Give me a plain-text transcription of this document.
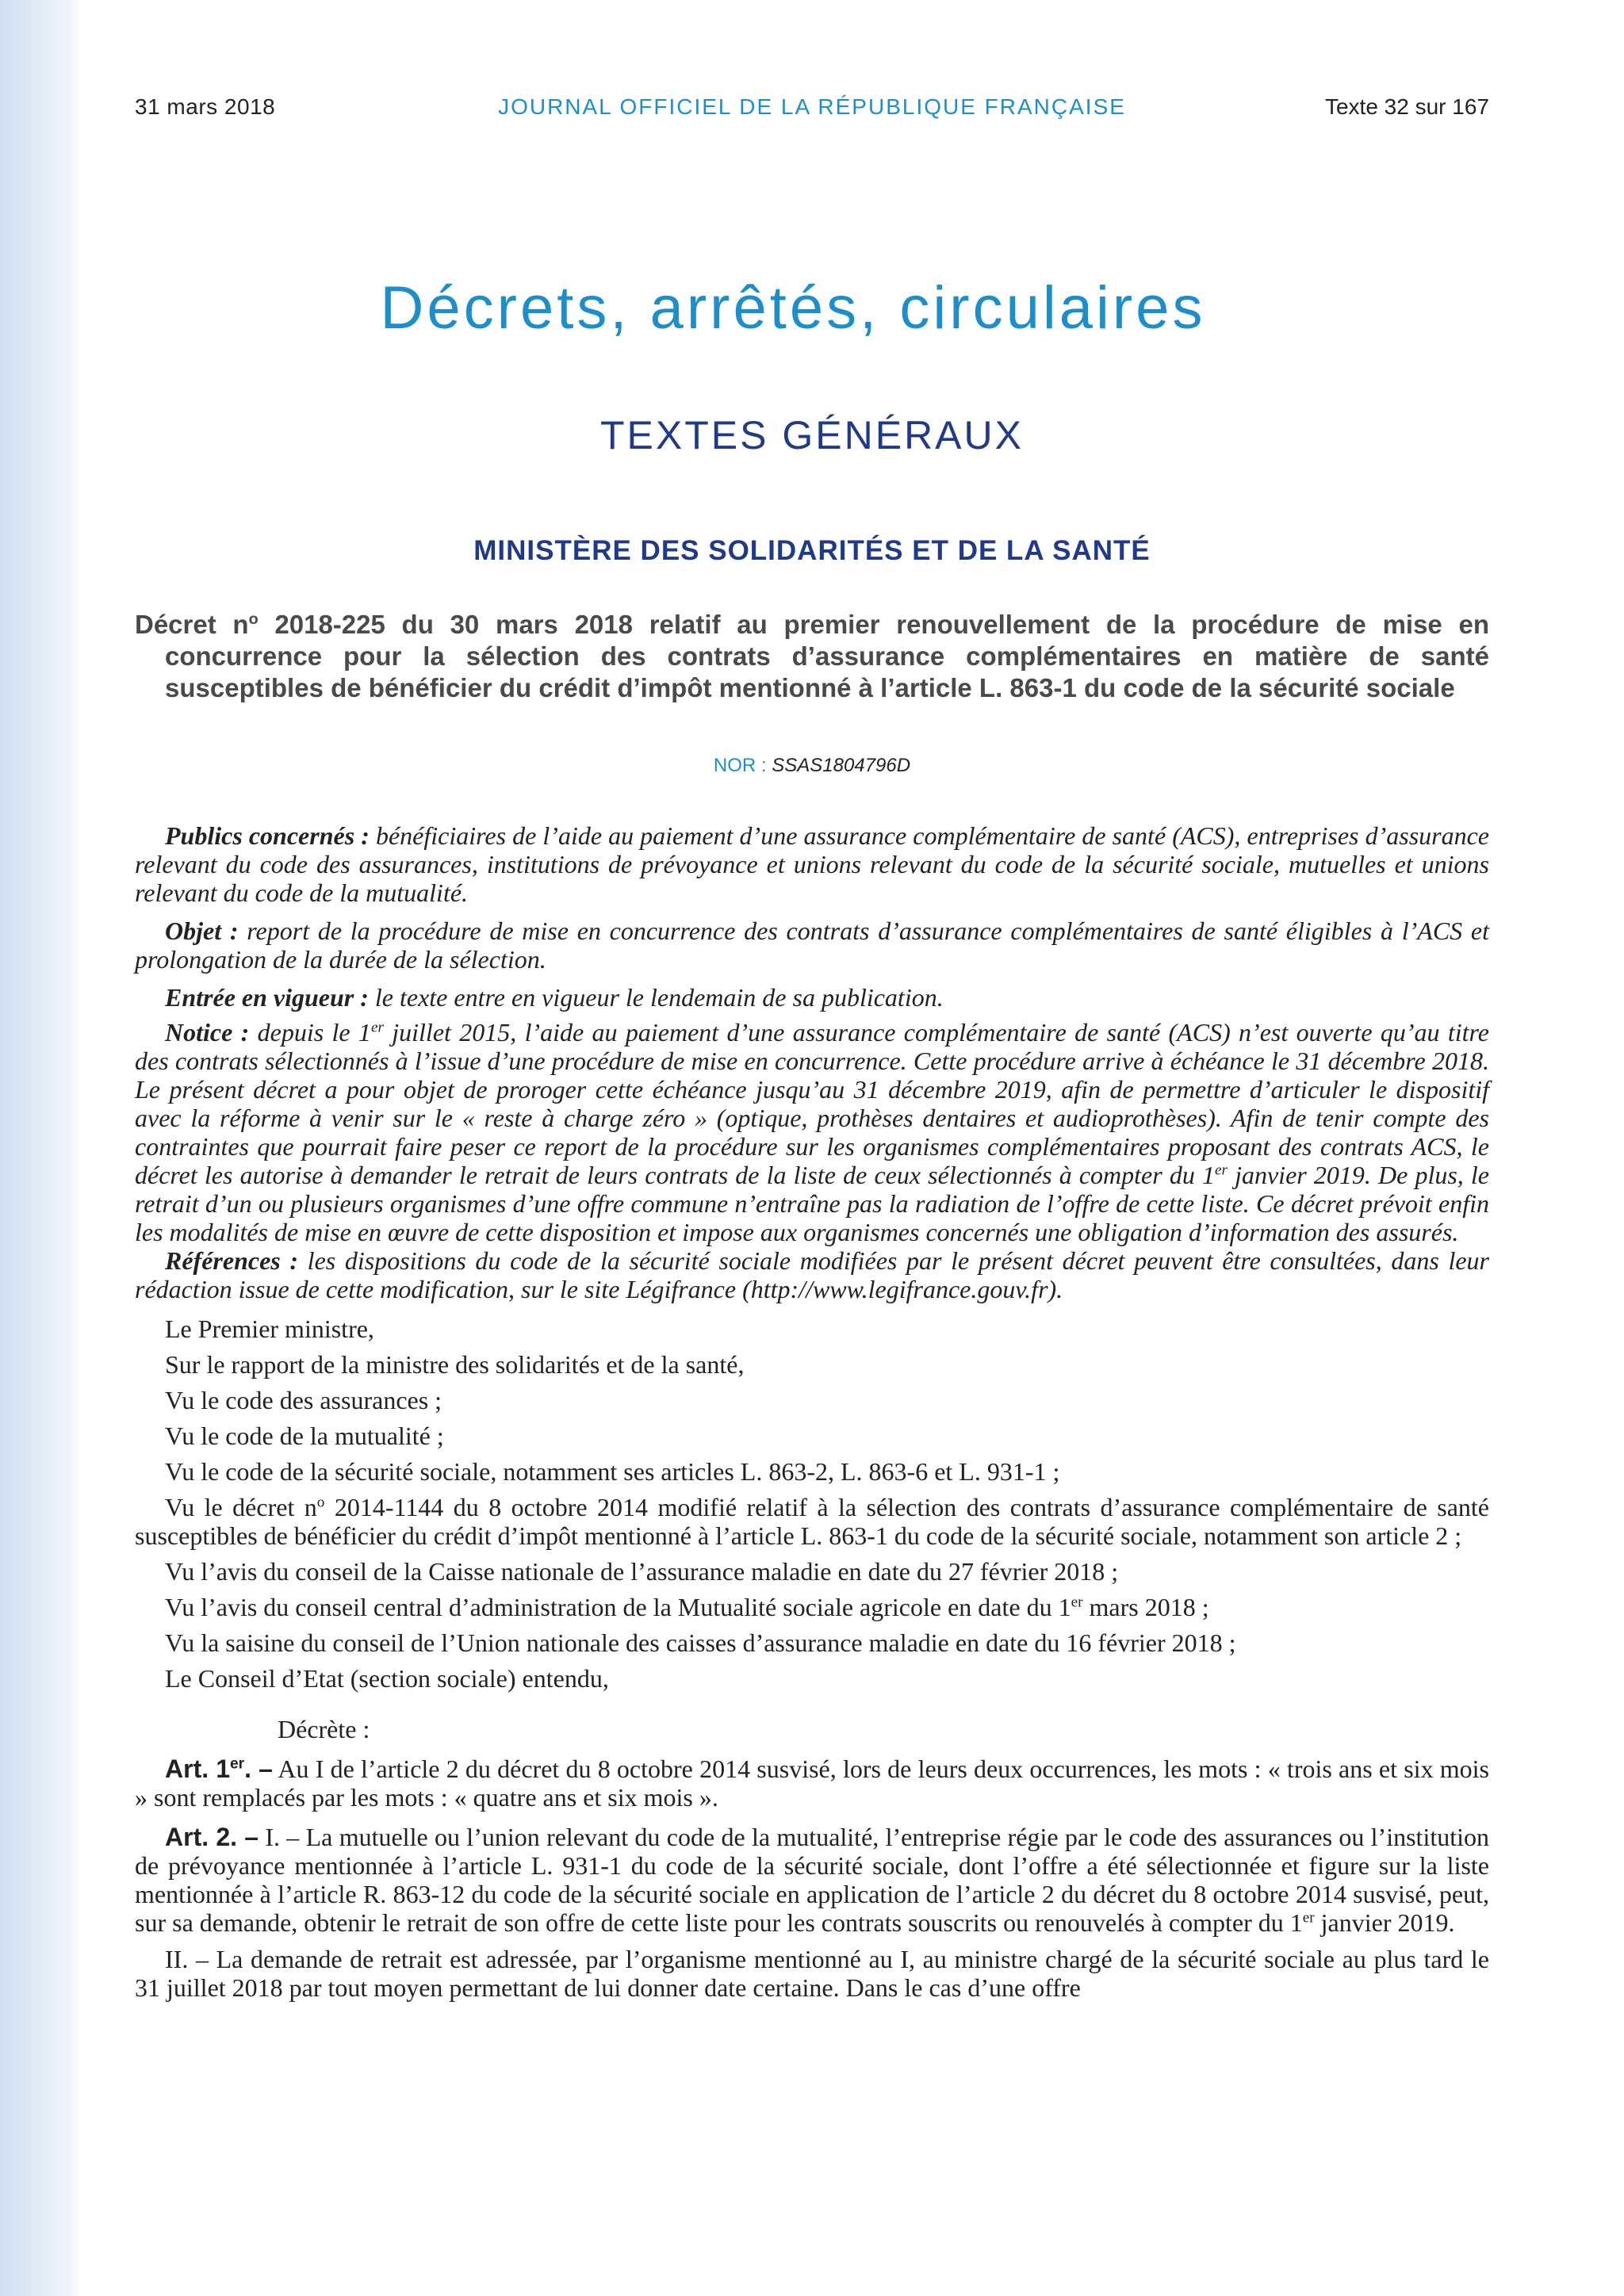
31 mars 2018	JOURNAL OFFICIEL DE LA RÉPUBLIQUE FRANÇAISE	Texte 32 sur 167
Décrets, arrêtés, circulaires
TEXTES GÉNÉRAUX
MINISTÈRE DES SOLIDARITÉS ET DE LA SANTÉ
Décret $n^o$ 2018-225 du 30 mars 2018 relatif au premier renouvellement de la procédure de mise en concurrence pour la sélection des contrats d’assurance complémentaires en matière de santé susceptibles de bénéficier du crédit d’impôt mentionné à l’article L. 863-1 du code de la sécurité sociale
NOR : SSAS1804796D

Publics concernés : bénéficiaires de l’aide au paiement d’une assurance complémentaire de santé (ACS), entreprises d’assurance relevant du code des assurances, institutions de prévoyance et unions relevant du code de la sécurité sociale, mutuelles et unions relevant du code de la mutualité.

Objet : report de la procédure de mise en concurrence des contrats d’assurance complémentaires de santé éligibles à l’ACS et prolongation de la durée de la sélection.

Entrée en vigueur : le texte entre en vigueur le lendemain de sa publication.

Notice : depuis le 1er juillet 2015, l’aide au paiement d’une assurance complémentaire de santé (ACS) n’est ouverte qu’au titre des contrats sélectionnés à l’issue d’une procédure de mise en concurrence. Cette procédure arrive à échéance le 31 décembre 2018. Le présent décret a pour objet de proroger cette échéance jusqu’au 31 décembre 2019, afin de permettre d’articuler le dispositif avec la réforme à venir sur le « reste à charge zéro » (optique, prothèses dentaires et audioprothèses). Afin de tenir compte des contraintes que pourrait faire peser ce report de la procédure sur les organismes complémentaires proposant des contrats ACS, le décret les autorise à demander le retrait de leurs contrats de la liste de ceux sélectionnés à compter du 1er janvier 2019. De plus, le retrait d’un ou plusieurs organismes d’une offre commune n’entraîne pas la radiation de l’offre de cette liste. Ce décret prévoit enfin les modalités de mise en œuvre de cette disposition et impose aux organismes concernés une obligation d’information des assurés.

Références : les dispositions du code de la sécurité sociale modifiées par le présent décret peuvent être consultées, dans leur rédaction issue de cette modification, sur le site Légifrance (http://www.legifrance.gouv.fr).

Le Premier ministre,

Sur le rapport de la ministre des solidarités et de la santé,

Vu le code des assurances ;

Vu le code de la mutualité ;

Vu le code de la sécurité sociale, notamment ses articles L. 863-2, L. 863-6 et L. 931-1 ;

Vu le décret $n^o$ 2014-1144 du 8 octobre 2014 modifié relatif à la sélection des contrats d’assurance complémentaire de santé susceptibles de bénéficier du crédit d’impôt mentionné à l’article L. 863-1 du code de la sécurité sociale, notamment son article 2 ;

Vu l’avis du conseil de la Caisse nationale de l’assurance maladie en date du 27 février 2018 ;

Vu l’avis du conseil central d’administration de la Mutualité sociale agricole en date du 1er mars 2018 ;

Vu la saisine du conseil de l’Union nationale des caisses d’assurance maladie en date du 16 février 2018 ;

Le Conseil d’Etat (section sociale) entendu,

Décrète :

Art. 1er. – Au I de l’article 2 du décret du 8 octobre 2014 susvisé, lors de leurs deux occurrences, les mots : « trois ans et six mois » sont remplacés par les mots : « quatre ans et six mois ».

Art. 2. – I. – La mutuelle ou l’union relevant du code de la mutualité, l’entreprise régie par le code des assurances ou l’institution de prévoyance mentionnée à l’article L. 931-1 du code de la sécurité sociale, dont l’offre a été sélectionnée et figure sur la liste mentionnée à l’article R. 863-12 du code de la sécurité sociale en application de l’article 2 du décret du 8 octobre 2014 susvisé, peut, sur sa demande, obtenir le retrait de son offre de cette liste pour les contrats souscrits ou renouvelés à compter du 1er janvier 2019.

II. – La demande de retrait est adressée, par l’organisme mentionné au I, au ministre chargé de la sécurité sociale au plus tard le 31 juillet 2018 par tout moyen permettant de lui donner date certaine. Dans le cas d’une offre
